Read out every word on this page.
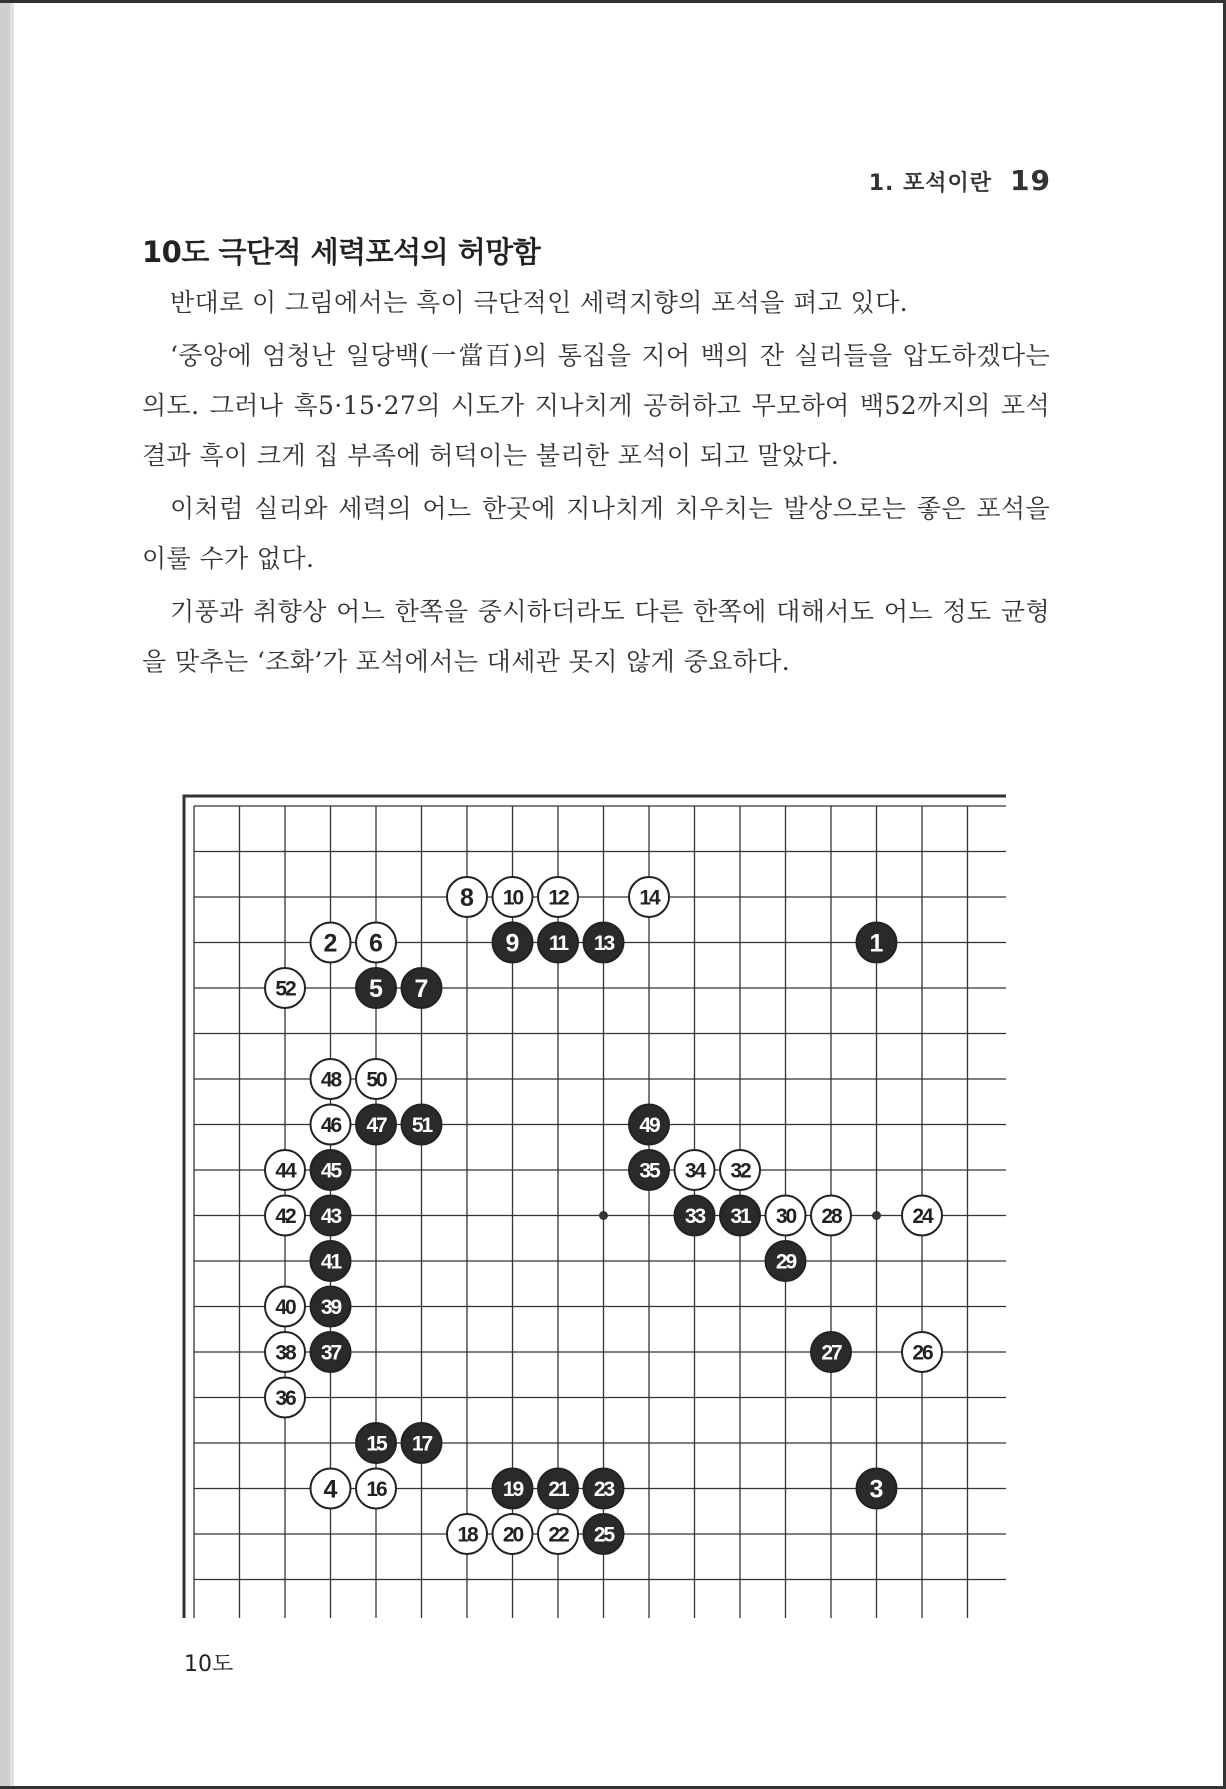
1. 포석이란 19
10도 극단적 세력포석의 허망함

반대로 이 그림에서는 흑이 극단적인 세력지향의 포석을 펴고 있다.

‘중앙에 엄청난 일당백(一當百)의 통집을 지어 백의 잔 실리들을 압도하겠다는 의도. 그러나 흑5·15·27의 시도가 지나치게 공허하고 무모하여 백52까지의 포석결과 흑이 크게 집 부족에 허덕이는 불리한 포석이 되고 말았다.

이처럼 실리와 세력의 어느 한곳에 지나치게 치우치는 발상으로는 좋은 포석을 이룰 수가 없다.

기풍과 취향상 어느 한쪽을 중시하더라도 다른 한쪽에 대해서도 어느 정도 균형을 맞추는 ‘조화’가 포석에서는 대세관 못지 않게 중요하다.

1
2
3
4
5
6
7
8
9
10
11
12
13
14
15
16
17
18
19
20
21
22
23
24
25
26
27
28
29
30
31
32
33
34
35
36
37
38
39
40
41
42 43
44 45
46 47
48
49
50
51
52
10도
